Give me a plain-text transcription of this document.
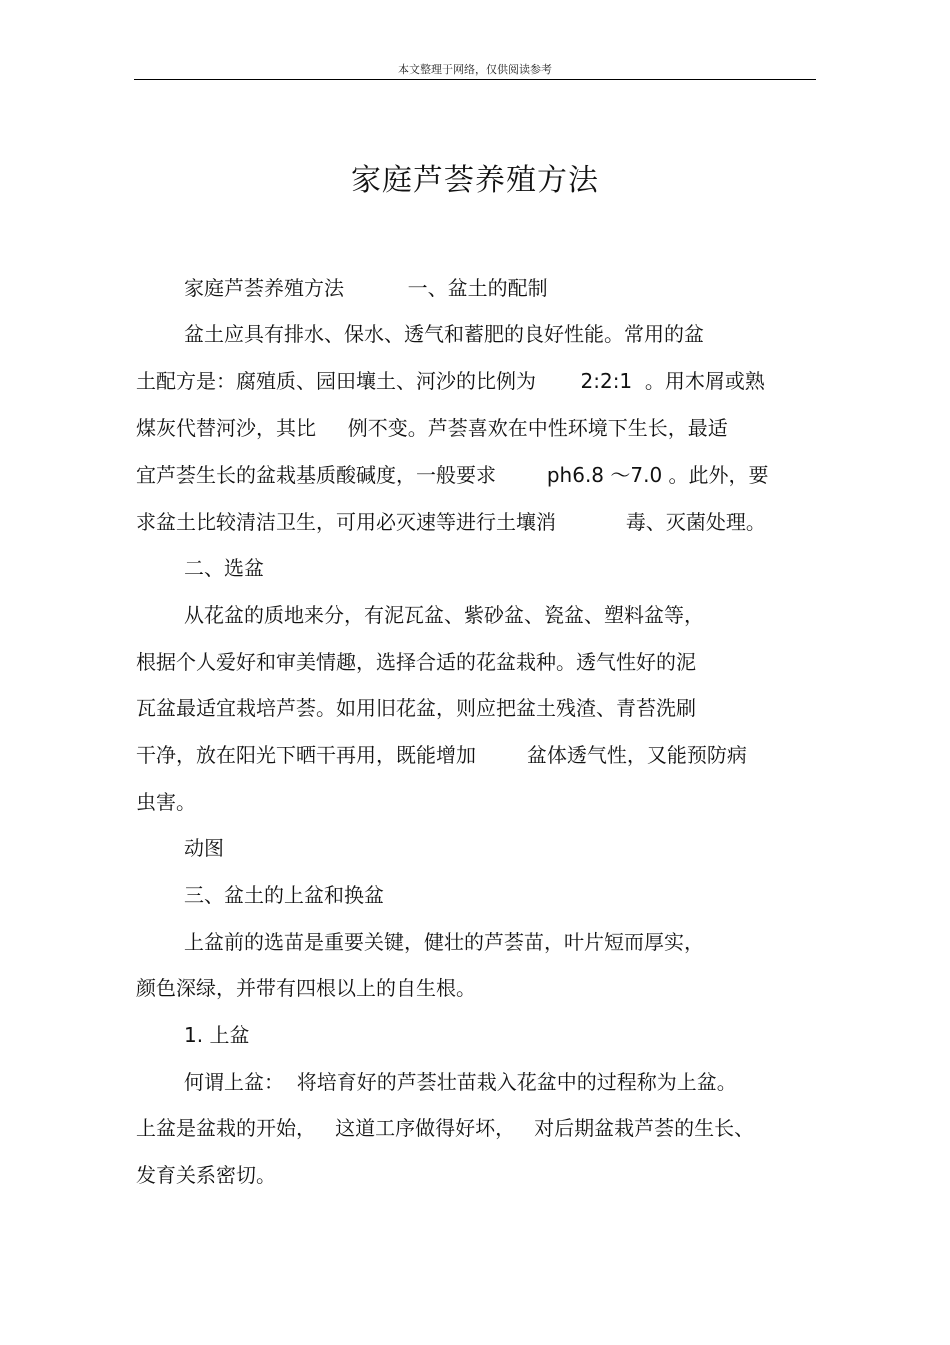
本文整理于网络，仅供阅读参考
家庭芦荟养殖方法
家庭芦荟养殖方法          一、盆土的配制
盆土应具有排水、保水、透气和蓄肥的良好性能。常用的盆
土配方是：腐殖质、园田壤土、河沙的比例为       2:2:1  。用木屑或熟
煤灰代替河沙，其比     例不变。芦荟喜欢在中性环境下生长，最适
宜芦荟生长的盆栽基质酸碱度，一般要求        ph6.8 ～7.0 。此外，要
求盆土比较清洁卫生，可用必灭速等进行土壤消           毒、灭菌处理。
二、选盆
从花盆的质地来分，有泥瓦盆、紫砂盆、瓷盆、塑料盆等，
根据个人爱好和审美情趣，选择合适的花盆栽种。透气性好的泥
瓦盆最适宜栽培芦荟。如用旧花盆，则应把盆土残渣、青苔洗刷
干净，放在阳光下晒干再用，既能增加        盆体透气性，又能预防病
虫害。
动图
三、盆土的上盆和换盆
上盆前的选苗是重要关键，健壮的芦荟苗，叶片短而厚实，
颜色深绿，并带有四根以上的自生根。
1. 上盆
何谓上盆：  将培育好的芦荟壮苗栽入花盆中的过程称为上盆。
上盆是盆栽的开始，   这道工序做得好坏，   对后期盆栽芦荟的生长、
发育关系密切。
